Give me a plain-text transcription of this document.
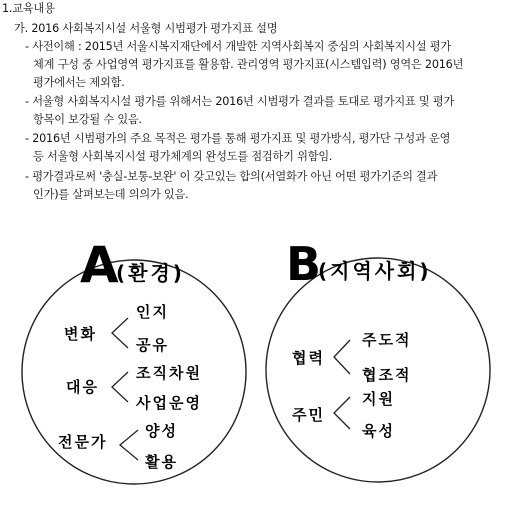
1.교육내용
가. 2016 사회복지시설 서울형 시범평가 평가지표 설명
- 사전이해 : 2015년 서울시복지재단에서 개발한 지역사회복지 중심의 사회복지시설 평가
체계 구성 중 사업영역 평가지표를 활용함. 관리영역 평가지표(시스템입력) 영역은 2016년
평가에서는 제외함.
- 서울형 사회복지시설 평가를 위해서는 2016년 시범평가 결과를 토대로 평가지표 및 평가
항목이 보강될 수 있음.
- 2016년 시범평가의 주요 목적은 평가를 통해 평가지표 및 평가방식, 평가단 구성과 운영
등 서울형 사회복지시설 평가체계의 완성도를 점검하기 위함임.
- 평가결과로써 '충실-보통-보완' 이 갖고있는 합의(서열화가 아닌 어떤 평가기준의 결과
인가)를 살펴보는데 의의가 있음.
A
(환경) B
(지역사회)
변화
인지
공유
대응
조직차원
사업운영
전문가
양성
활용
협력
주도적
협조적
주민
지원
육성
